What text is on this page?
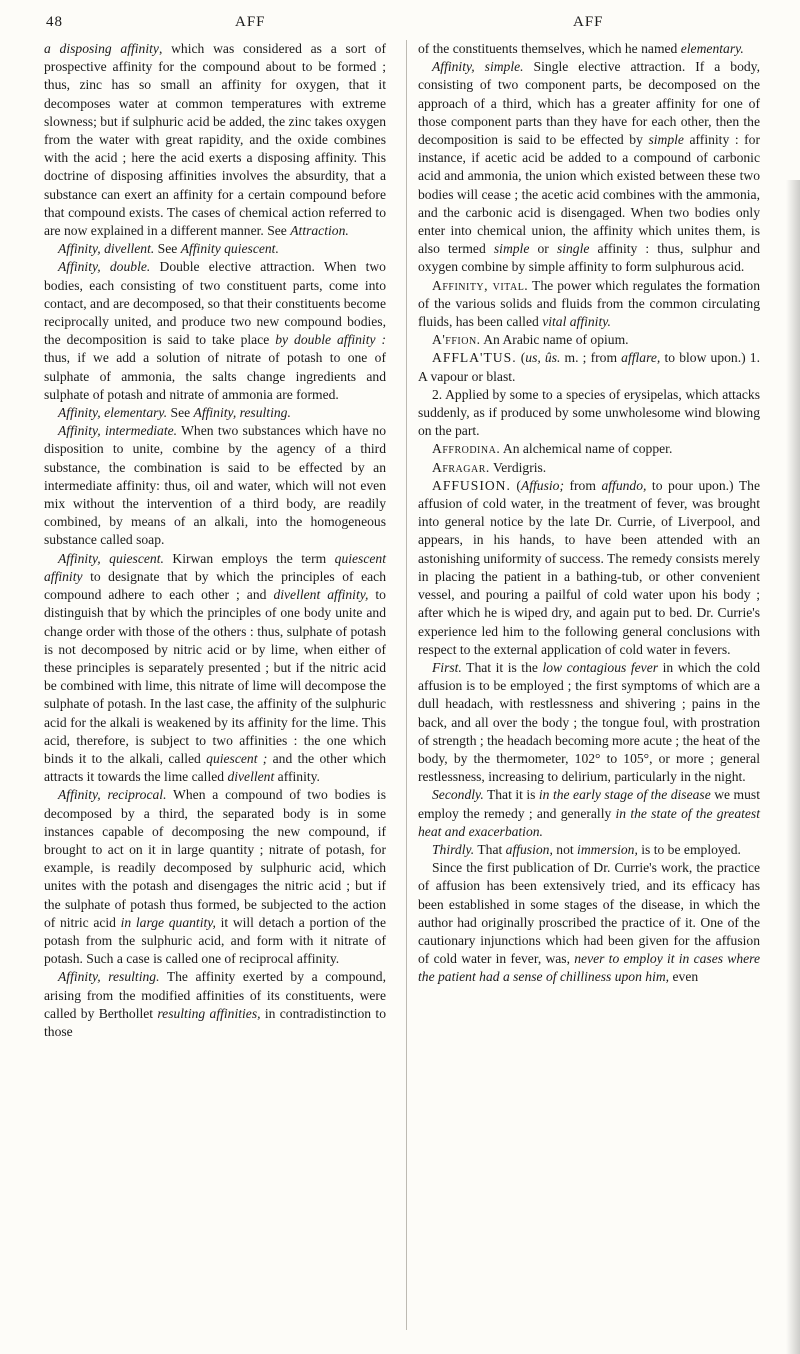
48	AFF	AFF

a disposing affinity, which was considered as a sort of prospective affinity for the compound about to be formed ; thus, zinc has so small an affinity for oxygen, that it decomposes water at common temperatures with extreme slowness; but if sulphuric acid be added, the zinc takes oxygen from the water with great rapidity, and the oxide combines with the acid ; here the acid exerts a disposing affinity. This doctrine of disposing affinities involves the absurdity, that a substance can exert an affinity for a certain compound before that compound exists. The cases of chemical action referred to are now explained in a different manner. See Attraction.

Affinity, divellent. See Affinity quiescent.

Affinity, double. Double elective attraction. When two bodies, each consisting of two constituent parts, come into contact, and are decomposed, so that their constituents become reciprocally united, and produce two new compound bodies, the decomposition is said to take place by double affinity : thus, if we add a solution of nitrate of potash to one of sulphate of ammonia, the salts change ingredients and sulphate of potash and nitrate of ammonia are formed.

Affinity, elementary. See Affinity, resulting.

Affinity, intermediate. When two substances which have no disposition to unite, combine by the agency of a third substance, the combination is said to be effected by an intermediate affinity: thus, oil and water, which will not even mix without the intervention of a third body, are readily combined, by means of an alkali, into the homogeneous substance called soap.

Affinity, quiescent. Kirwan employs the term quiescent affinity to designate that by which the principles of each compound adhere to each other ; and divellent affinity, to distinguish that by which the principles of one body unite and change order with those of the others : thus, sulphate of potash is not decomposed by nitric acid or by lime, when either of these principles is separately presented ; but if the nitric acid be combined with lime, this nitrate of lime will decompose the sulphate of potash. In the last case, the affinity of the sulphuric acid for the alkali is weakened by its affinity for the lime. This acid, therefore, is subject to two affinities : the one which binds it to the alkali, called quiescent ; and the other which attracts it towards the lime called divellent affinity.

Affinity, reciprocal. When a compound of two bodies is decomposed by a third, the separated body is in some instances capable of decomposing the new compound, if brought to act on it in large quantity ; nitrate of potash, for example, is readily decomposed by sulphuric acid, which unites with the potash and disengages the nitric acid ; but if the sulphate of potash thus formed, be subjected to the action of nitric acid in large quantity, it will detach a portion of the potash from the sulphuric acid, and form with it nitrate of potash. Such a case is called one of reciprocal affinity.

Affinity, resulting. The affinity exerted by a compound, arising from the modified affinities of its constituents, were called by Berthollet resulting affinities, in contradistinction to those

of the constituents themselves, which he named elementary.

Affinity, simple. Single elective attraction. If a body, consisting of two component parts, be decomposed on the approach of a third, which has a greater affinity for one of those component parts than they have for each other, then the decomposition is said to be effected by simple affinity : for instance, if acetic acid be added to a compound of carbonic acid and ammonia, the union which existed between these two bodies will cease ; the acetic acid combines with the ammonia, and the carbonic acid is disengaged. When two bodies only enter into chemical union, the affinity which unites them, is also termed simple or single affinity : thus, sulphur and oxygen combine by simple affinity to form sulphurous acid.

Affinity, vital. The power which regulates the formation of the various solids and fluids from the common circulating fluids, has been called vital affinity.

A'ffion. An Arabic name of opium.

AFFLA'TUS. (us, ûs. m. ; from afflare, to blow upon.) 1. A vapour or blast.

2. Applied by some to a species of erysipelas, which attacks suddenly, as if produced by some unwholesome wind blowing on the part.

Affrodina. An alchemical name of copper.

Afragar. Verdigris.

AFFUSION. (Affusio; from affundo, to pour upon.) The affusion of cold water, in the treatment of fever, was brought into general notice by the late Dr. Currie, of Liverpool, and appears, in his hands, to have been attended with an astonishing uniformity of success. The remedy consists merely in placing the patient in a bathing-tub, or other convenient vessel, and pouring a pailful of cold water upon his body ; after which he is wiped dry, and again put to bed. Dr. Currie's experience led him to the following general conclusions with respect to the external application of cold water in fevers.

First. That it is the low contagious fever in which the cold affusion is to be employed ; the first symptoms of which are a dull headach, with restlessness and shivering ; pains in the back, and all over the body ; the tongue foul, with prostration of strength ; the headach becoming more acute ; the heat of the body, by the thermometer, 102° to 105°, or more ; general restlessness, increasing to delirium, particularly in the night.

Secondly. That it is in the early stage of the disease we must employ the remedy ; and generally in the state of the greatest heat and exacerbation.

Thirdly. That affusion, not immersion, is to be employed.

Since the first publication of Dr. Currie's work, the practice of affusion has been extensively tried, and its efficacy has been established in some stages of the disease, in which the author had originally proscribed the practice of it. One of the cautionary injunctions which had been given for the affusion of cold water in fever, was, never to employ it in cases where the patient had a sense of chilliness upon him, even
